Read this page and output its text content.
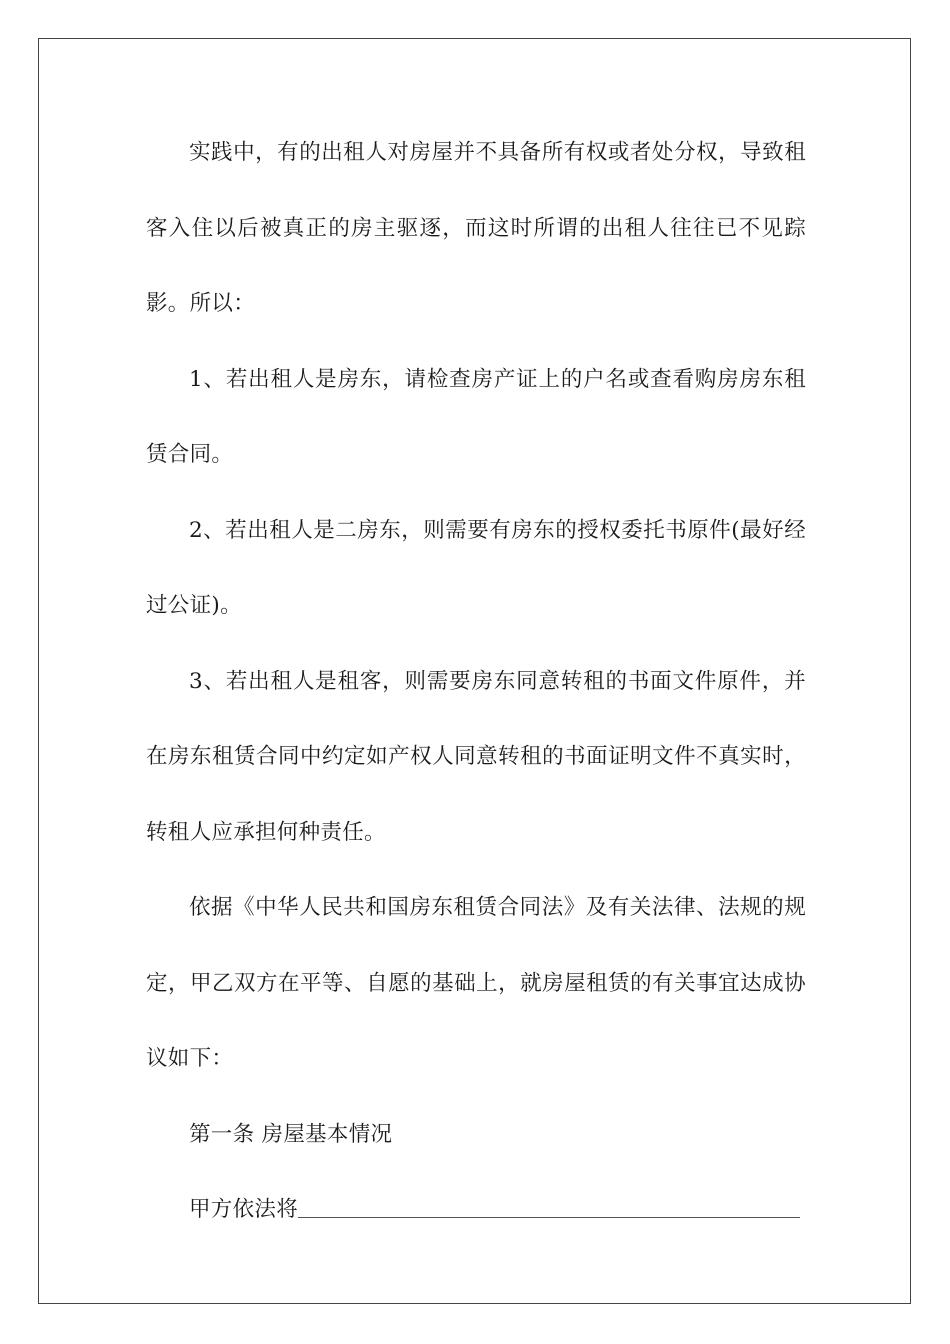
实践中，有的出租人对房屋并不具备所有权或者处分权，导致租客入住以后被真正的房主驱逐，而这时所谓的出租人往往已不见踪影。所以：

1、若出租人是房东，请检查房产证上的户名或查看购房房东租赁合同。

2、若出租人是二房东，则需要有房东的授权委托书原件(最好经过公证)。

3、若出租人是租客，则需要房东同意转租的书面文件原件，并在房东租赁合同中约定如产权人同意转租的书面证明文件不真实时，转租人应承担何种责任。

依据《中华人民共和国房东租赁合同法》及有关法律、法规的规定，甲乙双方在平等、自愿的基础上，就房屋租赁的有关事宜达成协议如下：

第一条 房屋基本情况

甲方依法将
